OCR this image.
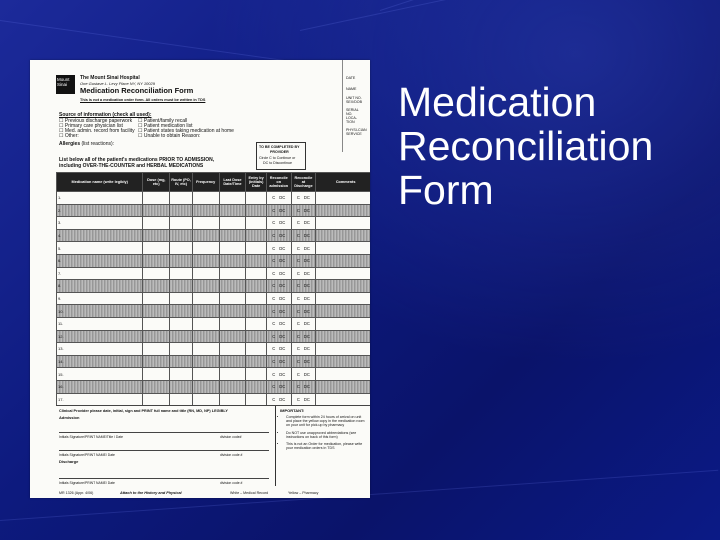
Medication
Reconciliation
Form
Mount Sinai
The Mount Sinai Hospital
One Gustave L. Levy Place NY, NY 10029
Medication Reconciliation Form
This is not a medication order form. All orders must be written in TDS
DATE
NAME
UNIT NO. SEX/DOB
SERIAL NO. LOCA-TION
PHYSI-CIAN SERVICE
Source of information (check all used):
☐ Previous discharge paperwork
☐ Primary care physician list
☐ Med. admin. record from facility
☐ Other:
☐ Patient/family recall
☐ Patient medication list
☐ Patient states taking medication at home
☐ Unable to obtain Reason:
Allergies (list reactions):	TO BE COMPLETED BY
PROVIDER
Circle C to Continue or
DC to Discontinue
List below all of the patient's medications PRIOR TO ADMISSION,
including OVER-THE-COUNTER and HERBAL MEDICATIONS
Medication name (write legibly)	Dose (mg, etc)	Route (PO, IV, etc)	Frequency	Last Dose Date/Time	Entry by (initials) Date	Reconcile on admission	Reconcile at Discharge	Comments
1.						C DC	C DC	
2.						C DC	C DC	
3.						C DC	C DC	
4.						C DC	C DC	
5.						C DC	C DC	
6.						C DC	C DC	
7.						C DC	C DC	
8.						C DC	C DC	
9.						C DC	C DC	
10.						C DC	C DC	
11.						C DC	C DC	
12.						C DC	C DC	
13.						C DC	C DC	
14.						C DC	C DC	
15.						C DC	C DC	
16.						C DC	C DC	
17.						C DC	C DC	
Clinical Provider please date, initial, sign and PRINT full name and title (RN, MD, NP) LEGIBLY
Admission
Initials Signature/PRINT NAME/Title / Date	division code#
Initials Signature/PRINT NAME/ Date	division code #
Discharge
Initials Signature/PRINT NAME/ Date	division code #
IMPORTANT:
• Complete form within 24 hours of arrival on unit and place the yellow copy in the medication room on your unit for pick-up by pharmacy
• Do NOT use unapproved abbreviations (see instructions on back of this form)
• This is not an Order for medication, please write your medication orders in TDS
MR 1326 (Appr. 4/06)	Attach to the History and Physical	White – Medical Record	Yellow – Pharmacy
